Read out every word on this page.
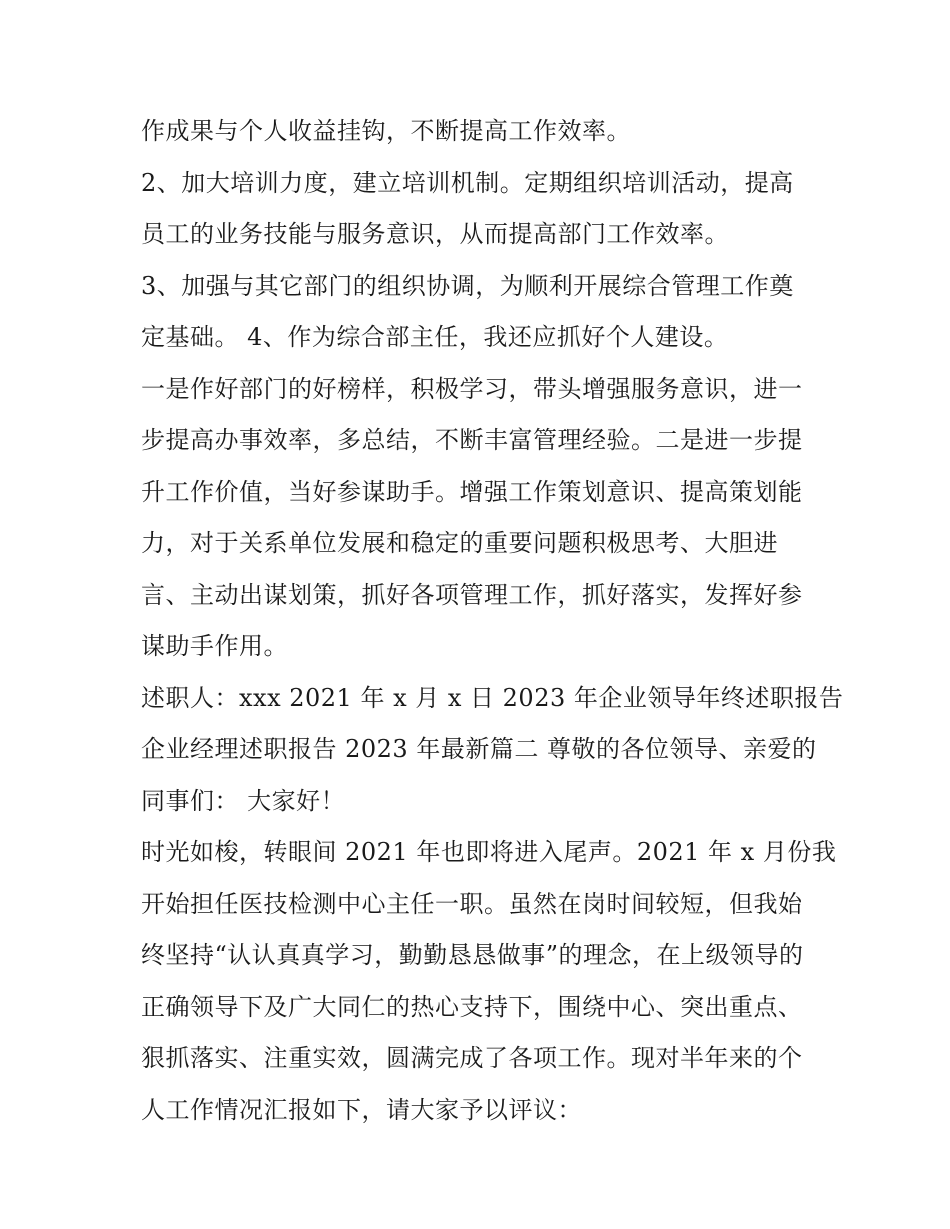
作成果与个人收益挂钩，不断提高工作效率。
2、加大培训力度，建立培训机制。定期组织培训活动，提高
员工的业务技能与服务意识，从而提高部门工作效率。
3、加强与其它部门的组织协调，为顺利开展综合管理工作奠
定基础。 4、作为综合部主任，我还应抓好个人建设。
一是作好部门的好榜样，积极学习，带头增强服务意识，进一
步提高办事效率，多总结，不断丰富管理经验。二是进一步提
升工作价值，当好参谋助手。增强工作策划意识、提高策划能
力，对于关系单位发展和稳定的重要问题积极思考、大胆进
言、主动出谋划策，抓好各项管理工作，抓好落实，发挥好参
谋助手作用。
述职人：xxx 2021 年 x 月 x 日 2023 年企业领导年终述职报告
企业经理述职报告 2023 年最新篇二 尊敬的各位领导、亲爱的
同事们： 大家好！
时光如梭，转眼间 2021 年也即将进入尾声。2021 年 x 月份我
开始担任医技检测中心主任一职。虽然在岗时间较短，但我始
终坚持“认认真真学习，勤勤恳恳做事”的理念，在上级领导的
正确领导下及广大同仁的热心支持下，围绕中心、突出重点、
狠抓落实、注重实效，圆满完成了各项工作。现对半年来的个
人工作情况汇报如下，请大家予以评议：
